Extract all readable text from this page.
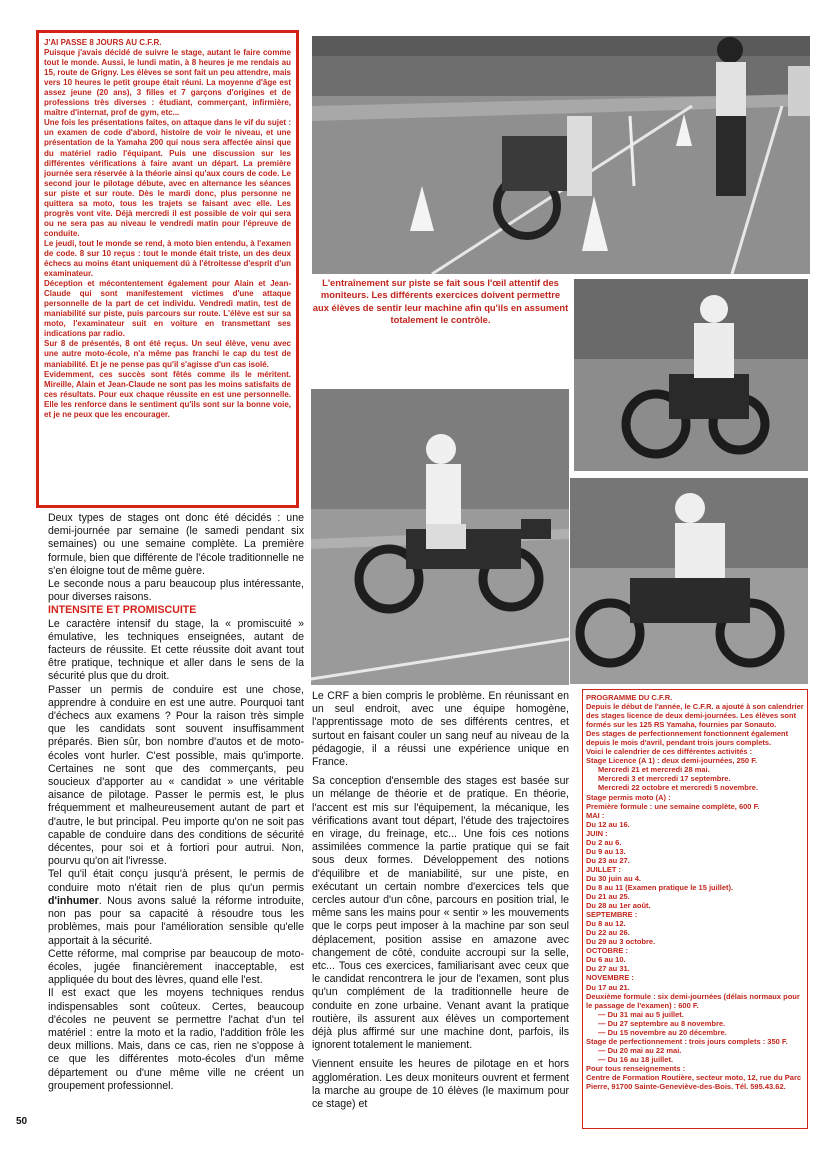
J'AI PASSE 8 JOURS AU C.F.R.

Puisque j'avais décidé de suivre le stage, autant le faire comme tout le monde. Aussi, le lundi matin, à 8 heures je me rendais au 15, route de Grigny. Les élèves se sont fait un peu attendre, mais vers 10 heures le petit groupe était réuni. La moyenne d'âge est assez jeune (20 ans), 3 filles et 7 garçons d'origines et de professions très diverses : étudiant, commerçant, infirmière, maître d'internat, prof de gym, etc...

Une fois les présentations faites, on attaque dans le vif du sujet : un examen de code d'abord, histoire de voir le niveau, et une présentation de la Yamaha 200 qui nous sera affectée ainsi que du matériel radio l'équipant. Puis une discussion sur les différentes vérifications à faire avant un départ. La première journée sera réservée à la théorie ainsi qu'aux cours de code. Le second jour le pilotage débute, avec en alternance les séances sur piste et sur route. Dès le mardi donc, plus personne ne quittera sa moto, tous les trajets se faisant avec elle. Les progrès vont vite. Déjà mercredi il est possible de voir qui sera ou ne sera pas au niveau le vendredi matin pour l'épreuve de conduite.

Le jeudi, tout le monde se rend, à moto bien entendu, à l'examen de code. 8 sur 10 reçus : tout le monde était triste, un des deux échecs au moins étant uniquement dû à l'étroitesse d'esprit d'un examinateur.

Déception et mécontentement également pour Alain et Jean-Claude qui sont manifestement victimes d'une attaque personnelle de la part de cet individu. Vendredi matin, test de maniabilité sur piste, puis parcours sur route. L'élève est sur sa moto, l'examinateur suit en voiture en transmettant ses indications par radio.

Sur 8 de présentés, 8 ont été reçus. Un seul élève, venu avec une autre moto-école, n'a même pas franchi le cap du test de maniabilité. Et je ne pense pas qu'il s'agisse d'un cas isolé.

Evidemment, ces succès sont fêtés comme ils le méritent. Mireille, Alain et Jean-Claude ne sont pas les moins satisfaits de ces résultats. Pour eux chaque réussite en est une personnelle. Elle les renforce dans le sentiment qu'ils sont sur la bonne voie, et je ne peux que les encourager.

L'entraînement sur piste se fait sous l'œil attentif des moniteurs. Les différents exercices doivent permettre aux élèves de sentir leur machine afin qu'ils en assument totalement le contrôle.

Deux types de stages ont donc été décidés : une demi-journée par semaine (le samedi pendant six semaines) ou une semaine complète. La première formule, bien que différente de l'école traditionnelle ne s'en éloigne tout de même guère.

Le seconde nous a paru beaucoup plus intéressante, pour diverses raisons.

INTENSITE ET PROMISCUITE

Le caractère intensif du stage, la « promiscuité » émulative, les techniques enseignées, autant de facteurs de réussite. Et cette réussite doit avant tout être pratique, technique et aller dans le sens de la sécurité plus que du droit.

Passer un permis de conduire est une chose, apprendre à conduire en est une autre. Pourquoi tant d'échecs aux examens ? Pour la raison très simple que les candidats sont souvent insuffisamment préparés. Bien sûr, bon nombre d'autos et de moto-écoles vont hurler. C'est possible, mais qu'importe. Certaines ne sont que des commerçants, peu soucieux d'apporter au « candidat » une véritable aisance de pilotage. Passer le permis est, le plus fréquemment et malheureusement autant de part et d'autre, le but principal. Peu importe qu'on ne soit pas capable de conduire dans des conditions de sécurité décentes, pour soi et à fortiori pour autrui. Non, pourvu qu'on ait l'ivresse.

Tel qu'il était conçu jusqu'à présent, le permis de conduire moto n'était rien de plus qu'un permis d'inhumer. Nous avons salué la réforme introduite, non pas pour sa capacité à résoudre tous les problèmes, mais pour l'amélioration sensible qu'elle apportait à la sécurité.

Cette réforme, mal comprise par beaucoup de moto-écoles, jugée financièrement inacceptable, est appliquée du bout des lèvres, quand elle l'est.

Il est exact que les moyens techniques rendus indispensables sont coûteux. Certes, beaucoup d'écoles ne peuvent se permettre l'achat d'un tel matériel : entre la moto et la radio, l'addition frôle les deux millions. Mais, dans ce cas, rien ne s'oppose à ce que les différentes moto-écoles d'un même département ou d'une même ville ne créent un groupement professionnel.

Le CRF a bien compris le problème. En réunissant en un seul endroit, avec une équipe homogène, l'apprentissage moto de ses différents centres, et surtout en faisant couler un sang neuf au niveau de la pédagogie, il a réussi une expérience unique en France.

Sa conception d'ensemble des stages est basée sur un mélange de théorie et de pratique. En théorie, l'accent est mis sur l'équipement, la mécanique, les vérifications avant tout départ, l'étude des trajectoires en virage, du freinage, etc... Une fois ces notions assimilées commence la partie pratique qui se fait sous deux formes. Développement des notions d'équilibre et de maniabilité, sur une piste, en exécutant un certain nombre d'exercices tels que cercles autour d'un cône, parcours en position trial, le même sans les mains pour « sentir » les mouvements que le corps peut imposer à la machine par son seul déplacement, position assise en amazone avec changement de côté, conduite accroupi sur la selle, etc... Tous ces exercices, familiarisant avec ceux que le candidat rencontrera le jour de l'examen, sont plus qu'un complément de la traditionnelle heure de conduite en zone urbaine. Venant avant la pratique routière, ils assurent aux élèves un comportement déjà plus affirmé sur une machine dont, parfois, ils ignorent totalement le maniement.

Viennent ensuite les heures de pilotage en et hors agglomération. Les deux moniteurs ouvrent et ferment la marche au groupe de 10 élèves (le maximum pour ce stage) et

PROGRAMME DU C.F.R.

Depuis le début de l'année, le C.F.R. a ajouté à son calendrier des stages licence de deux demi-journées. Les élèves sont formés sur les 125 RS Yamaha, fournies par Sonauto.

Des stages de perfectionnement fonctionnent également depuis le mois d'avril, pendant trois jours complets.

Voici le calendrier de ces différentes activités :

Stage Licence (A 1) : deux demi-journées, 250 F.

Mercredi 21 et mercredi 28 mai.

Mercredi 3 et mercredi 17 septembre.

Mercredi 22 octobre et mercredi 5 novembre.

Stage permis moto (A) :

Première formule : une semaine complète, 600 F.

MAI :

Du 12 au 16.

JUIN :

Du 2 au 6.

Du 9 au 13.

Du 23 au 27.

JUILLET :

Du 30 juin au 4.

Du 8 au 11 (Examen pratique le 15 juillet).

Du 21 au 25.

Du 28 au 1er août.

SEPTEMBRE :

Du 8 au 12.

Du 22 au 26.

Du 29 au 3 octobre.

OCTOBRE :

Du 6 au 10.

Du 27 au 31.

NOVEMBRE :

Du 17 au 21.

Deuxième formule : six demi-journées (délais normaux pour le passage de l'examen) : 600 F.

— Du 31 mai au 5 juillet.

— Du 27 septembre au 8 novembre.

— Du 15 novembre au 20 décembre.

Stage de perfectionnement : trois jours complets : 350 F.

— Du 20 mai au 22 mai.

— Du 16 au 18 juillet.

Pour tous renseignements :

Centre de Formation Routière, secteur moto, 12, rue du Parc Pierre, 91700 Sainte-Geneviève-des-Bois. Tél. 595.43.62.

50
